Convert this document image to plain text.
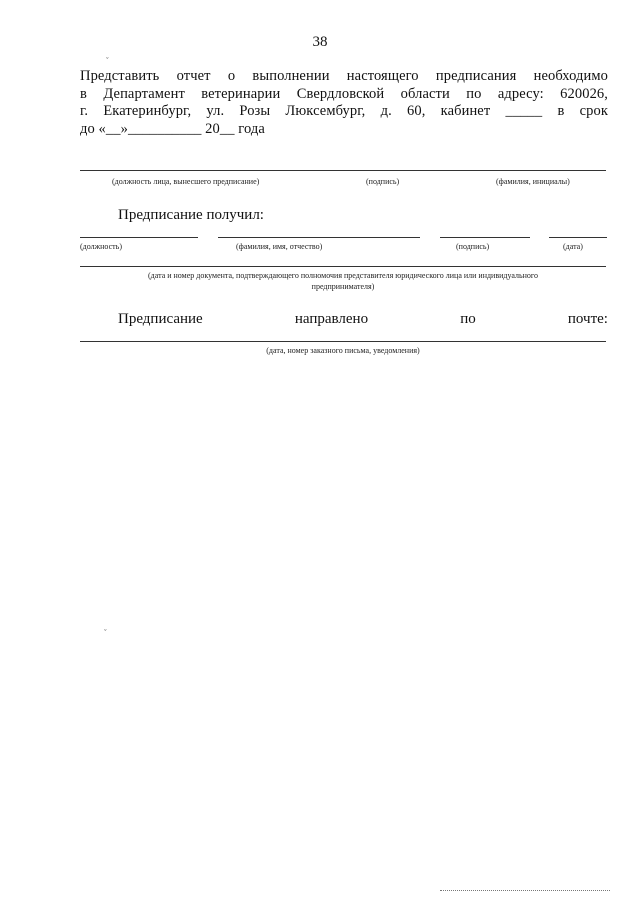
38
ˇ
Представить отчет о выполнении настоящего предписания необходимо
в Департамент ветеринарии Свердловской области по адресу: 620026,
г. Екатеринбург, ул. Розы Люксембург, д. 60, кабинет _____ в срок
до «__»__________ 20__ года
(должность лица, вынесшего предписание)	(подпись)	(фамилия, инициалы)
Предписание получил:
(должность)	(фамилия, имя, отчество)	(подпись)	(дата)
(дата и номер документа, подтверждающего полномочия представителя юридического лица или индивидуального
предпринимателя)
Предписание	направлено	по	почте:
(дата, номер заказного письма, уведомления)
ˇ
